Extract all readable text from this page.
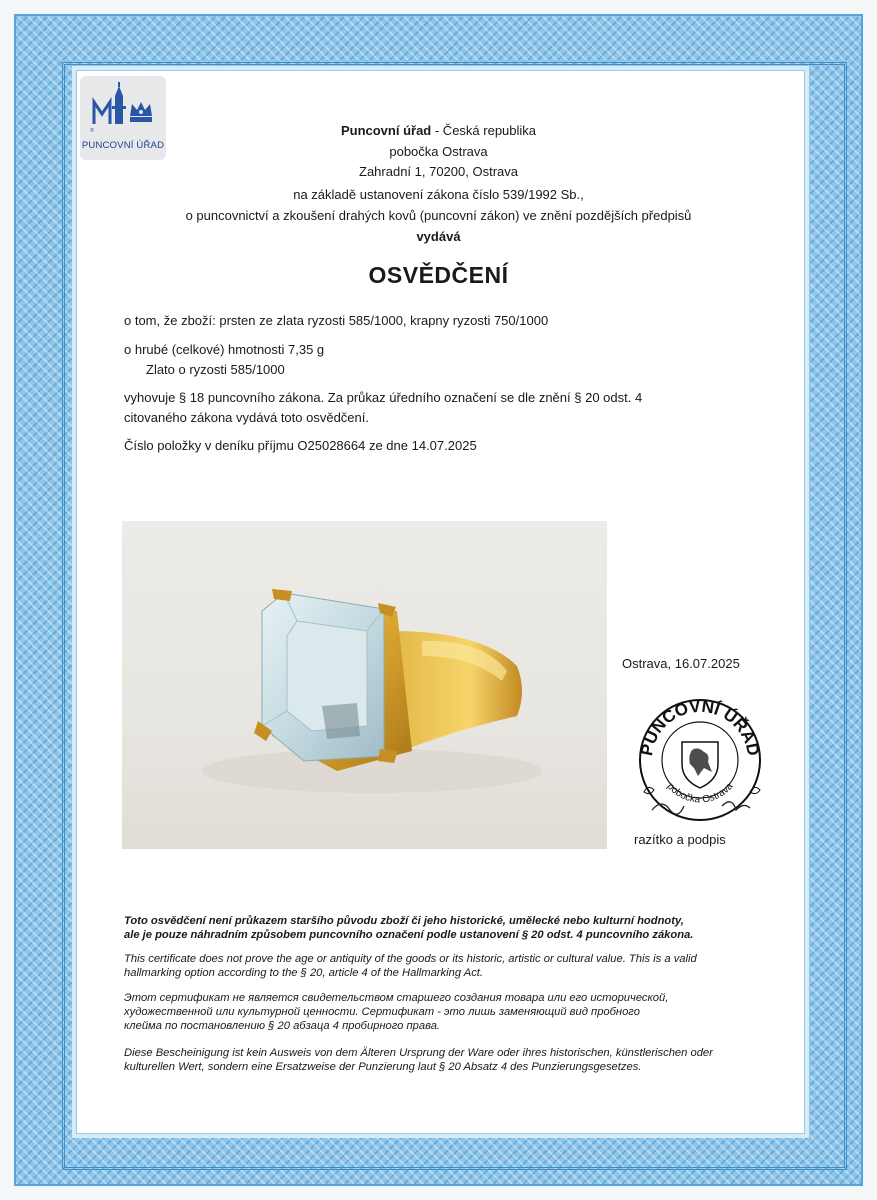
®
PUNCOVNÍ ÚŘAD
Puncovní úřad - Česká republika
pobočka Ostrava
Zahradní 1, 70200, Ostrava
na základě ustanovení zákona číslo 539/1992 Sb.,
o puncovnictví a zkoušení drahých kovů (puncovní zákon) ve znění pozdějších předpisů
vydává
OSVĚDČENÍ
o tom, že zboží: prsten ze zlata ryzosti 585/1000, krapny ryzosti 750/1000
o hrubé (celkové) hmotnosti 7,35 g
Zlato o ryzosti 585/1000
vyhovuje § 18 puncovního zákona. Za průkaz úředního označení se dle znění § 20 odst. 4
citovaného zákona vydává toto osvědčení.
Číslo položky v deníku příjmu O25028664 ze dne 14.07.2025
Ostrava, 16.07.2025
PUNCOVNÍ ÚŘAD
pobočka Ostrava
razítko a podpis
Toto osvědčení není průkazem staršího původu zboží či jeho historické, umělecké nebo kulturní hodnoty,
ale je pouze náhradním způsobem puncovního označení podle ustanovení § 20 odst. 4 puncovního zákona.
This certificate does not prove the age or antiquity of the goods or its historic, artistic or cultural value. This is a valid
hallmarking option according to the § 20, article 4 of the Hallmarking Act.
Этот сертификат не является свидетельством старшего создания товара или его исторической,
художественной или культурной ценности. Сертификат - это лишь заменяющий вид пробного
клейма по постановлению § 20 абзаца 4 пробирного права.
Diese Bescheinigung ist kein Ausweis von dem Älteren Ursprung der Ware oder ihres historischen, künstlerischen oder
kulturellen Wert, sondern eine Ersatzweise der Punzierung laut § 20 Absatz 4 des Punzierungsgesetzes.
